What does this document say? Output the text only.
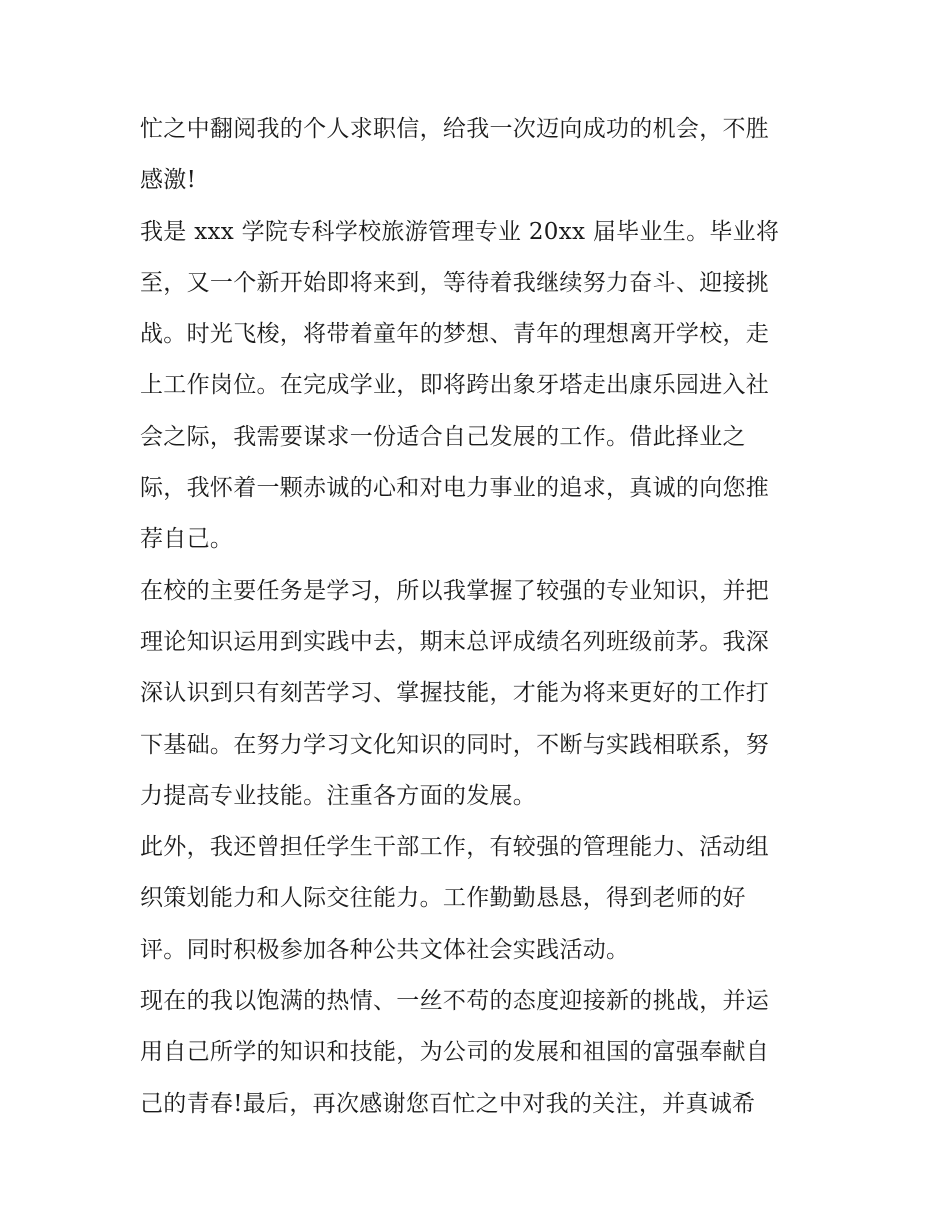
忙之中翻阅我的个人求职信，给我一次迈向成功的机会，不胜
感激!
我是 xxx 学院专科学校旅游管理专业 20xx 届毕业生。毕业将
至，又一个新开始即将来到，等待着我继续努力奋斗、迎接挑
战。时光飞梭，将带着童年的梦想、青年的理想离开学校，走
上工作岗位。在完成学业，即将跨出象牙塔走出康乐园进入社
会之际，我需要谋求一份适合自己发展的工作。借此择业之
际，我怀着一颗赤诚的心和对电力事业的追求，真诚的向您推
荐自己。
在校的主要任务是学习，所以我掌握了较强的专业知识，并把
理论知识运用到实践中去，期末总评成绩名列班级前茅。我深
深认识到只有刻苦学习、掌握技能，才能为将来更好的工作打
下基础。在努力学习文化知识的同时，不断与实践相联系，努
力提高专业技能。注重各方面的发展。
此外，我还曾担任学生干部工作，有较强的管理能力、活动组
织策划能力和人际交往能力。工作勤勤恳恳，得到老师的好
评。同时积极参加各种公共文体社会实践活动。
现在的我以饱满的热情、一丝不苟的态度迎接新的挑战，并运
用自己所学的知识和技能，为公司的发展和祖国的富强奉献自
己的青春!最后，再次感谢您百忙之中对我的关注，并真诚希
